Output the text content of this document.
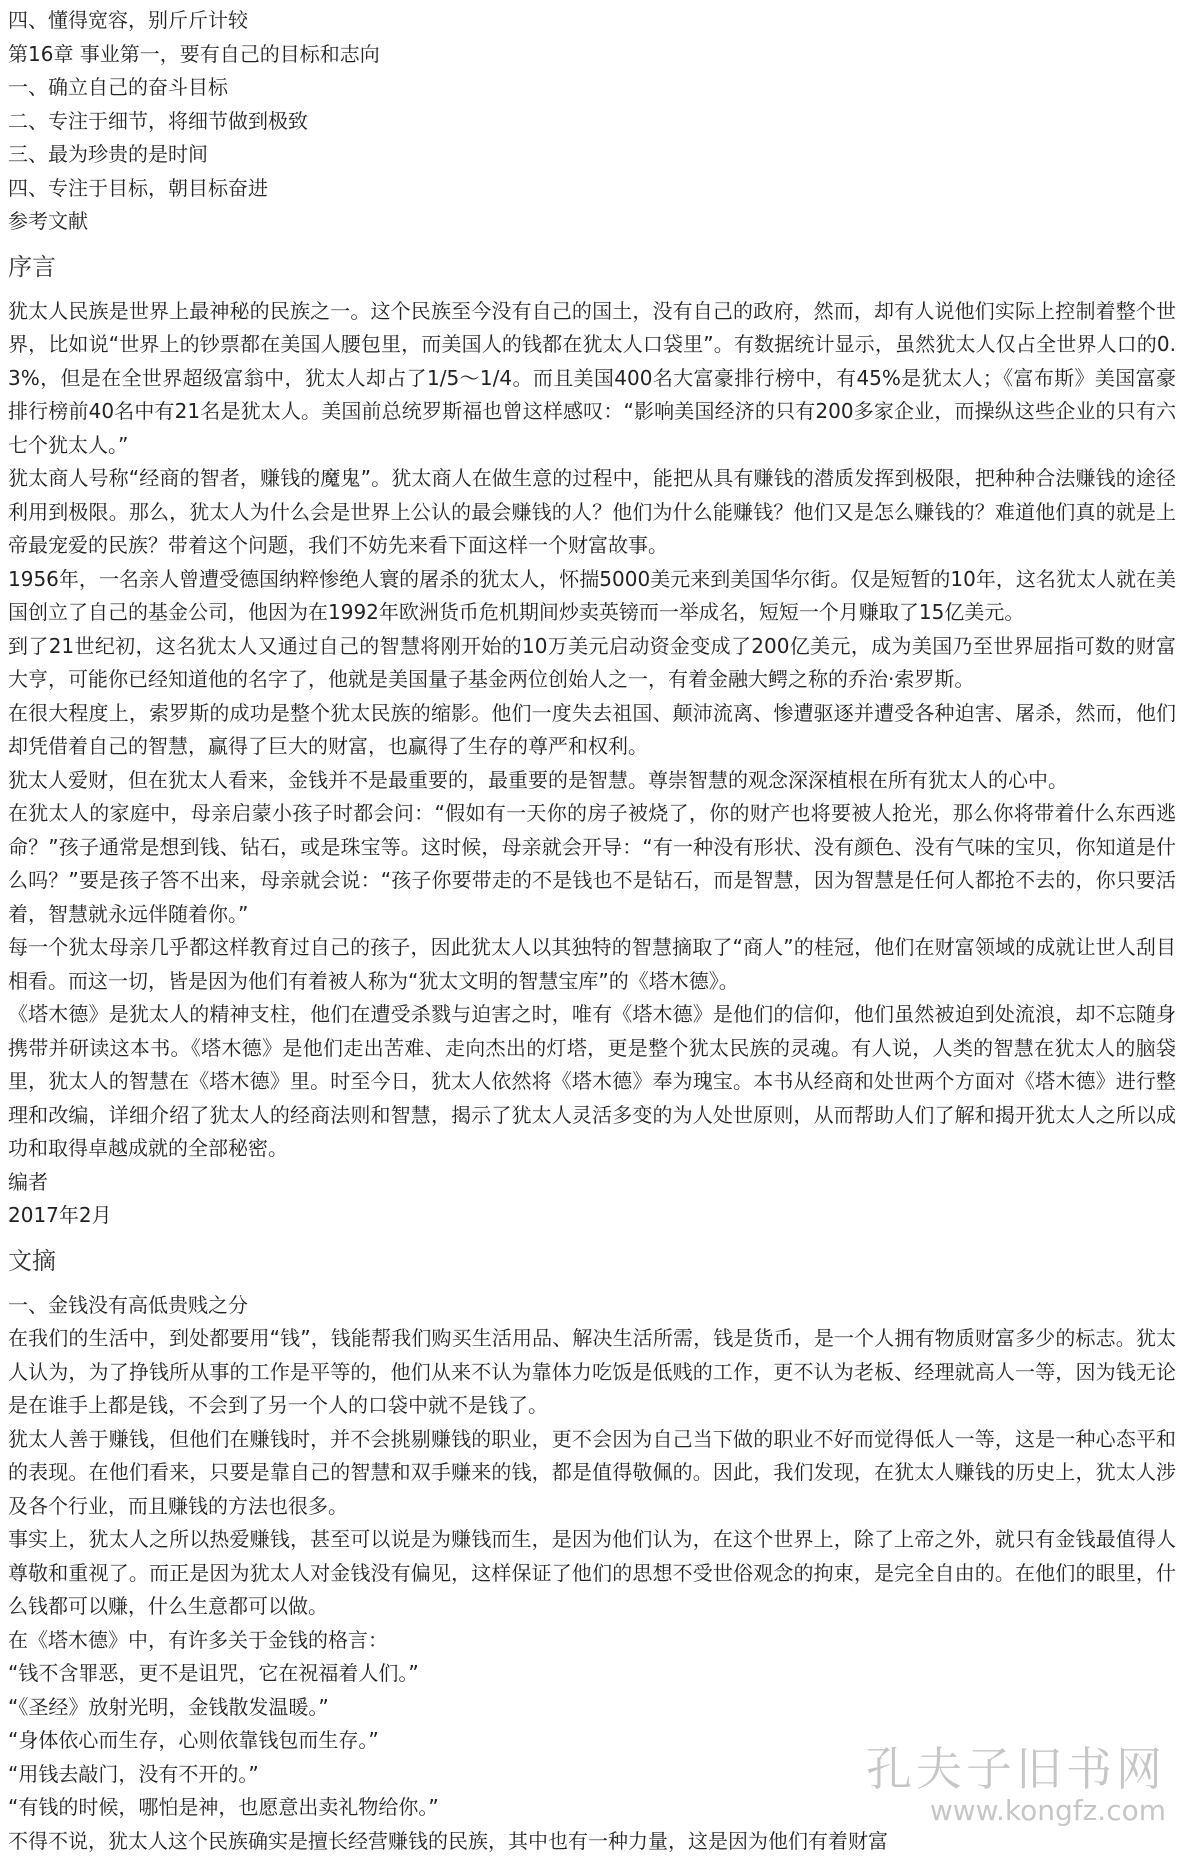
四、懂得宽容，别斤斤计较

第16章 事业第一，要有自己的目标和志向

一、确立自己的奋斗目标

二、专注于细节，将细节做到极致

三、最为珍贵的是时间

四、专注于目标，朝目标奋进

参考文献

序言

犹太人民族是世界上最神秘的民族之一。这个民族至今没有自己的国土，没有自己的政府，然而，却有人说他们实际上控制着整个世界，比如说“世界上的钞票都在美国人腰包里，而美国人的钱都在犹太人口袋里”。有数据统计显示，虽然犹太人仅占全世界人口的0.3%，但是在全世界超级富翁中，犹太人却占了1/5～1/4。而且美国400名大富豪排行榜中，有45%是犹太人；《富布斯》美国富豪排行榜前40名中有21名是犹太人。美国前总统罗斯福也曾这样感叹：“影响美国经济的只有200多家企业，而操纵这些企业的只有六七个犹太人。”

犹太商人号称“经商的智者，赚钱的魔鬼”。犹太商人在做生意的过程中，能把从具有赚钱的潜质发挥到极限，把种种合法赚钱的途径利用到极限。那么，犹太人为什么会是世界上公认的最会赚钱的人？他们为什么能赚钱？他们又是怎么赚钱的？难道他们真的就是上帝最宠爱的民族？带着这个问题，我们不妨先来看下面这样一个财富故事。

1956年，一名亲人曾遭受德国纳粹惨绝人寰的屠杀的犹太人，怀揣5000美元来到美国华尔街。仅是短暂的10年，这名犹太人就在美国创立了自己的基金公司，他因为在1992年欧洲货币危机期间炒卖英镑而一举成名，短短一个月赚取了15亿美元。

到了21世纪初，这名犹太人又通过自己的智慧将刚开始的10万美元启动资金变成了200亿美元，成为美国乃至世界屈指可数的财富大亨，可能你已经知道他的名字了，他就是美国量子基金两位创始人之一，有着金融大鳄之称的乔治·索罗斯。

在很大程度上，索罗斯的成功是整个犹太民族的缩影。他们一度失去祖国、颠沛流离、惨遭驱逐并遭受各种迫害、屠杀，然而，他们却凭借着自己的智慧，赢得了巨大的财富，也赢得了生存的尊严和权利。

犹太人爱财，但在犹太人看来，金钱并不是最重要的，最重要的是智慧。尊崇智慧的观念深深植根在所有犹太人的心中。

在犹太人的家庭中，母亲启蒙小孩子时都会问：“假如有一天你的房子被烧了，你的财产也将要被人抢光，那么你将带着什么东西逃命？”孩子通常是想到钱、钻石，或是珠宝等。这时候，母亲就会开导：“有一种没有形状、没有颜色、没有气味的宝贝，你知道是什么吗？”要是孩子答不出来，母亲就会说：“孩子你要带走的不是钱也不是钻石，而是智慧，因为智慧是任何人都抢不去的，你只要活着，智慧就永远伴随着你。”

每一个犹太母亲几乎都这样教育过自己的孩子，因此犹太人以其独特的智慧摘取了“商人”的桂冠，他们在财富领域的成就让世人刮目相看。而这一切，皆是因为他们有着被人称为“犹太文明的智慧宝库”的《塔木德》。

《塔木德》是犹太人的精神支柱，他们在遭受杀戮与迫害之时，唯有《塔木德》是他们的信仰，他们虽然被迫到处流浪，却不忘随身携带并研读这本书。《塔木德》是他们走出苦难、走向杰出的灯塔，更是整个犹太民族的灵魂。有人说，人类的智慧在犹太人的脑袋里，犹太人的智慧在《塔木德》里。时至今日，犹太人依然将《塔木德》奉为瑰宝。本书从经商和处世两个方面对《塔木德》进行整理和改编，详细介绍了犹太人的经商法则和智慧，揭示了犹太人灵活多变的为人处世原则，从而帮助人们了解和揭开犹太人之所以成功和取得卓越成就的全部秘密。

编者

2017年2月

文摘

一、金钱没有高低贵贱之分

在我们的生活中，到处都要用“钱”，钱能帮我们购买生活用品、解决生活所需，钱是货币，是一个人拥有物质财富多少的标志。犹太人认为，为了挣钱所从事的工作是平等的，他们从来不认为靠体力吃饭是低贱的工作，更不认为老板、经理就高人一等，因为钱无论是在谁手上都是钱，不会到了另一个人的口袋中就不是钱了。

犹太人善于赚钱，但他们在赚钱时，并不会挑剔赚钱的职业，更不会因为自己当下做的职业不好而觉得低人一等，这是一种心态平和的表现。在他们看来，只要是靠自己的智慧和双手赚来的钱，都是值得敬佩的。因此，我们发现，在犹太人赚钱的历史上，犹太人涉及各个行业，而且赚钱的方法也很多。

事实上，犹太人之所以热爱赚钱，甚至可以说是为赚钱而生，是因为他们认为，在这个世界上，除了上帝之外，就只有金钱最值得人尊敬和重视了。而正是因为犹太人对金钱没有偏见，这样保证了他们的思想不受世俗观念的拘束，是完全自由的。在他们的眼里，什么钱都可以赚，什么生意都可以做。

在《塔木德》中，有许多关于金钱的格言：

“钱不含罪恶，更不是诅咒，它在祝福着人们。”

“《圣经》放射光明，金钱散发温暖。”

“身体依心而生存，心则依靠钱包而生存。”

“用钱去敲门，没有不开的。”

“有钱的时候，哪怕是神，也愿意出卖礼物给你。”

不得不说，犹太人这个民族确实是擅长经营赚钱的民族，其中也有一种力量，这是因为他们有着财富

孔夫子旧书网
www.kongfz.com
